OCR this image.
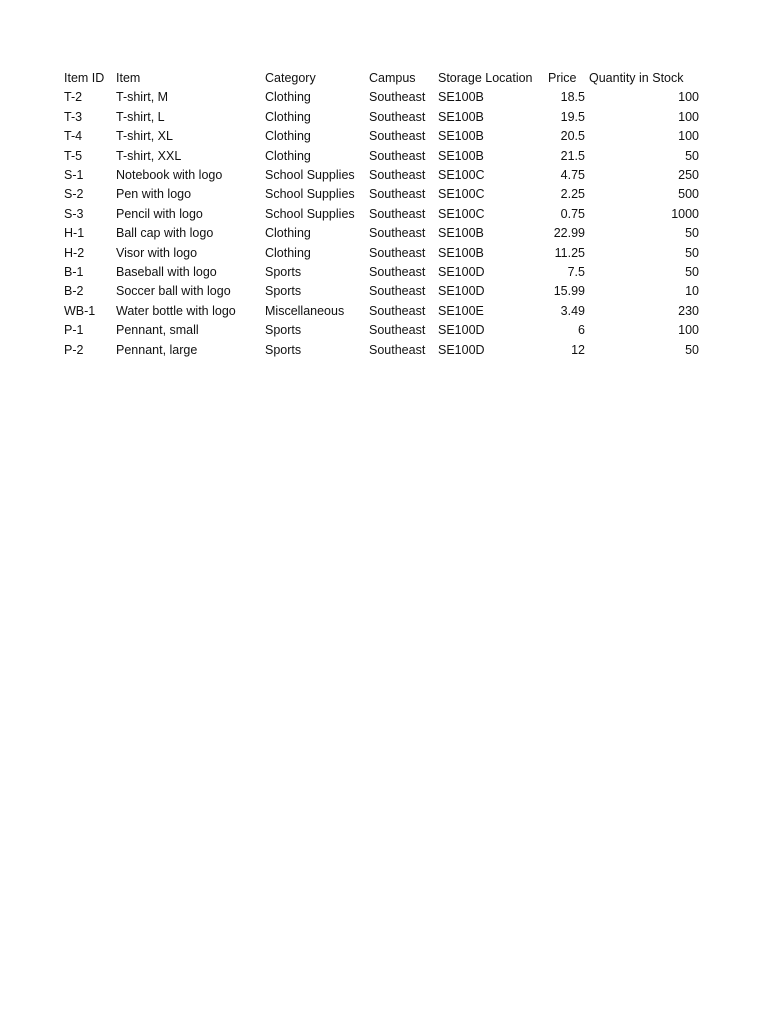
Item ID	Item	Category	Campus	Storage Location	Price	Quantity in Stock
T-2	T-shirt, M	Clothing	Southeast	SE100B	18.5	100
T-3	T-shirt, L	Clothing	Southeast	SE100B	19.5	100
T-4	T-shirt, XL	Clothing	Southeast	SE100B	20.5	100
T-5	T-shirt, XXL	Clothing	Southeast	SE100B	21.5	50
S-1	Notebook with logo	School Supplies	Southeast	SE100C	4.75	250
S-2	Pen with logo	School Supplies	Southeast	SE100C	2.25	500
S-3	Pencil with logo	School Supplies	Southeast	SE100C	0.75	1000
H-1	Ball cap with logo	Clothing	Southeast	SE100B	22.99	50
H-2	Visor with logo	Clothing	Southeast	SE100B	11.25	50
B-1	Baseball with logo	Sports	Southeast	SE100D	7.5	50
B-2	Soccer ball with logo	Sports	Southeast	SE100D	15.99	10
WB-1	Water bottle with logo	Miscellaneous	Southeast	SE100E	3.49	230
P-1	Pennant, small	Sports	Southeast	SE100D	6	100
P-2	Pennant, large	Sports	Southeast	SE100D	12	50
